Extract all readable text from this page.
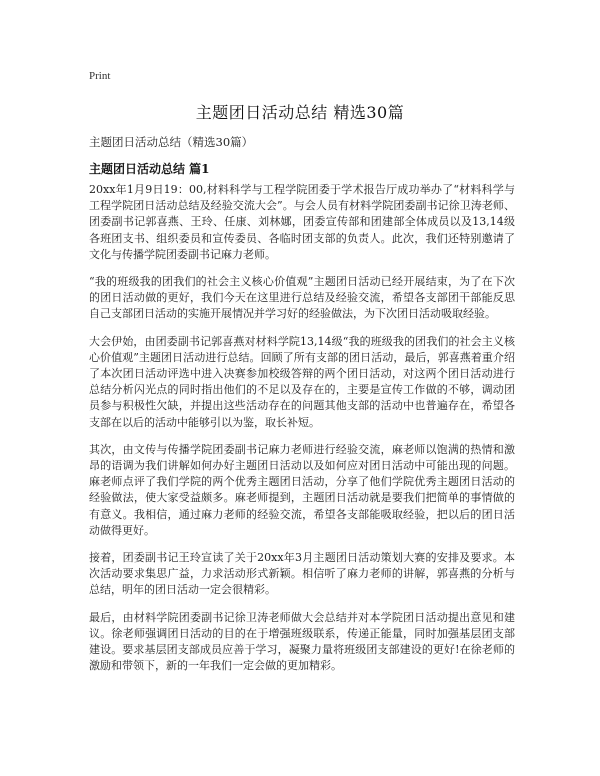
Print
主题团日活动总结 精选30篇

主题团日活动总结（精选30篇）

主题团日活动总结 篇1

20xx年1月9日19：00,材料科学与工程学院团委于学术报告厅成功举办了“材料科学与工程学院团日活动总结及经验交流大会”。与会人员有材料学院团委副书记徐卫涛老师、团委副书记郭喜燕、王玲、任康、刘林娜，团委宣传部和团建部全体成员以及13,14级各班团支书、组织委员和宣传委员、各临时团支部的负责人。此次，我们还特别邀请了文化与传播学院团委副书记麻力老师。

“我的班级我的团我们的社会主义核心价值观”主题团日活动已经开展结束，为了在下次的团日活动做的更好，我们今天在这里进行总结及经验交流，希望各支部团干部能反思自己支部团日活动的实施开展情况并学习好的经验做法，为下次团日活动吸取经验。

大会伊始，由团委副书记郭喜燕对材料学院13,14级“我的班级我的团我们的社会主义核心价值观”主题团日活动进行总结。回顾了所有支部的团日活动，最后，郭喜燕着重介绍了本次团日活动评选中进入决赛参加校级答辩的两个团日活动，对这两个团日活动进行总结分析闪光点的同时指出他们的不足以及存在的，主要是宣传工作做的不够，调动团员参与积极性欠缺，并提出这些活动存在的问题其他支部的活动中也普遍存在，希望各支部在以后的活动中能够引以为鉴，取长补短。

其次，由文传与传播学院团委副书记麻力老师进行经验交流，麻老师以饱满的热情和激昂的语调为我们讲解如何办好主题团日活动以及如何应对团日活动中可能出现的问题。麻老师点评了我们学院的两个优秀主题团日活动，分享了他们学院优秀主题团日活动的经验做法，使大家受益颇多。麻老师提到，主题团日活动就是要我们把简单的事情做的有意义。我相信，通过麻力老师的经验交流，希望各支部能吸取经验，把以后的团日活动做得更好。

接着，团委副书记王玲宣读了关于20xx年3月主题团日活动策划大赛的安排及要求。本次活动要求集思广益，力求活动形式新颖。相信听了麻力老师的讲解，郭喜燕的分析与总结，明年的团日活动一定会很精彩。

最后，由材料学院团委副书记徐卫涛老师做大会总结并对本学院团日活动提出意见和建议。徐老师强调团日活动的目的在于增强班级联系，传递正能量，同时加强基层团支部建设。要求基层团支部成员应善于学习，凝聚力量将班级团支部建设的更好!在徐老师的激励和带领下，新的一年我们一定会做的更加精彩。
